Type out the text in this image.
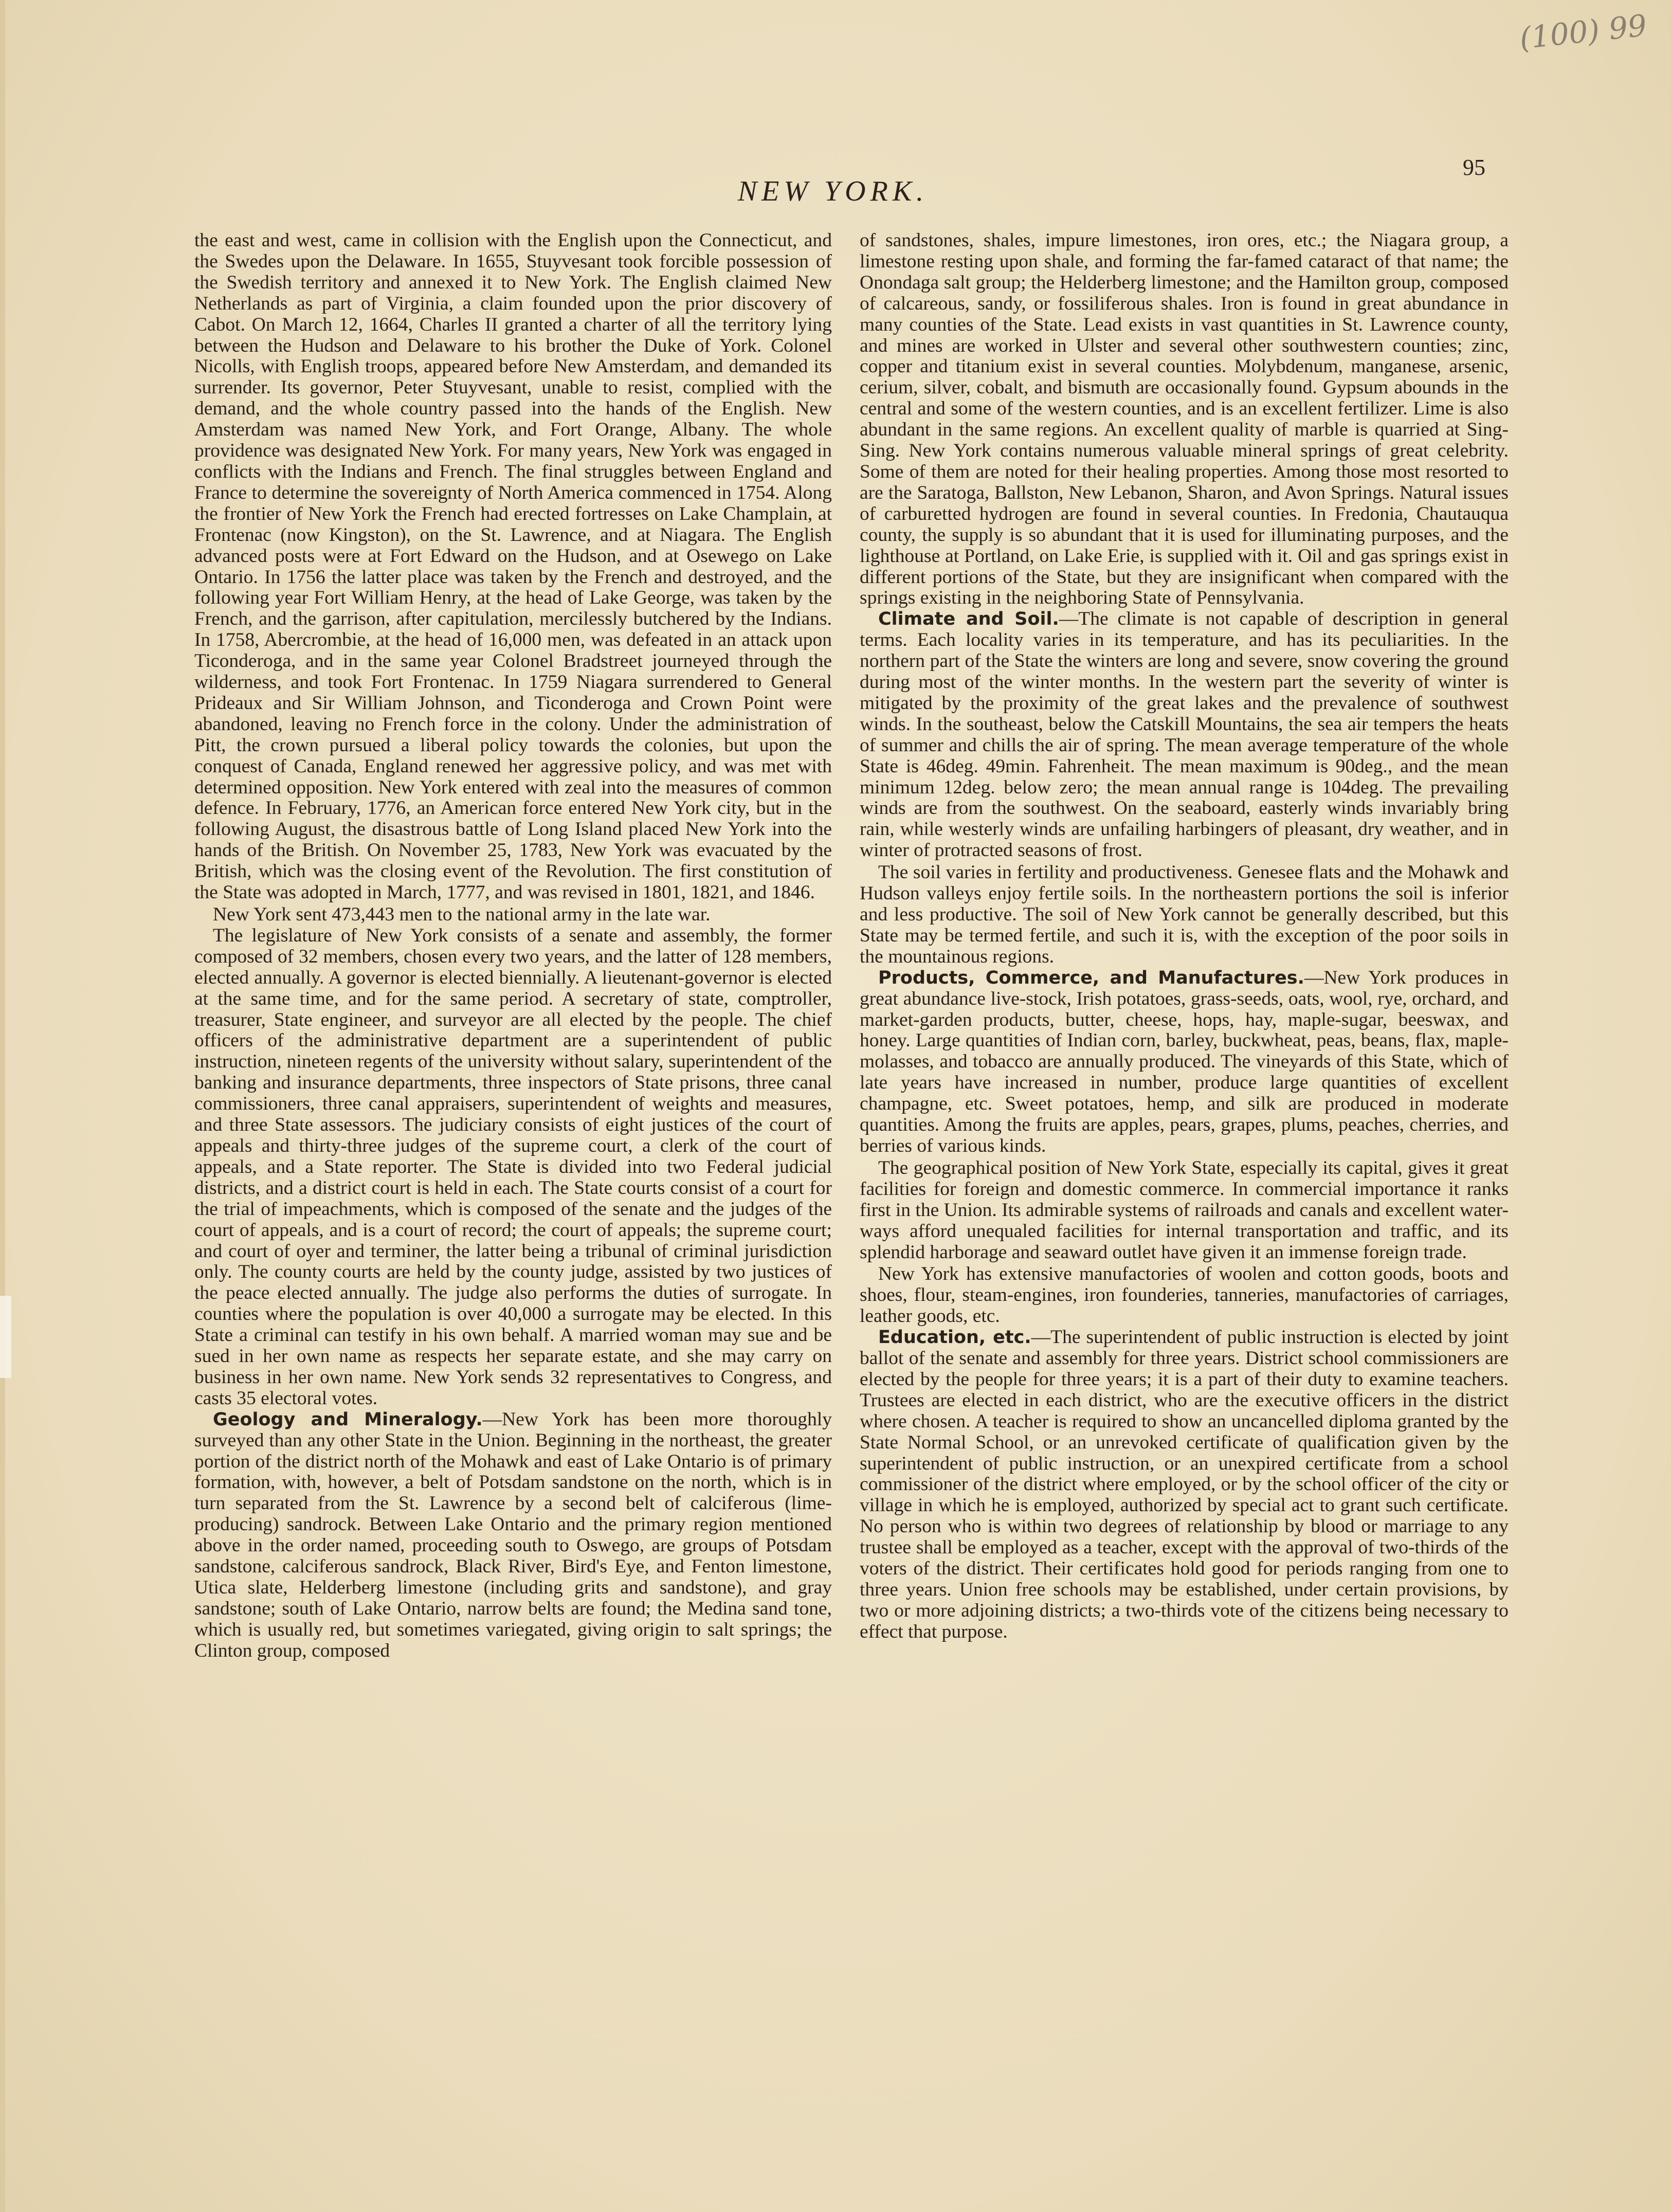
(100) 99
95
NEW YORK.

the east and west, came in collision with the English upon the Connecticut, and the Swedes upon the Delaware. In 1655, Stuyvesant took forcible possession of the Swedish territory and annexed it to New York. The English claimed New Netherlands as part of Virginia, a claim founded upon the prior discovery of Cabot. On March 12, 1664, Charles II granted a charter of all the territory lying between the Hudson and Delaware to his brother the Duke of York. Colonel Nicolls, with English troops, appeared before New Amsterdam, and demanded its surrender. Its governor, Peter Stuyvesant, unable to resist, complied with the demand, and the whole country passed into the hands of the English. New Amsterdam was named New York, and Fort Orange, Albany. The whole providence was designated New York. For many years, New York was engaged in conflicts with the Indians and French. The final struggles between England and France to determine the sovereignty of North America commenced in 1754. Along the frontier of New York the French had erected fortresses on Lake Champlain, at Frontenac (now Kingston), on the St. Lawrence, and at Niagara. The English advanced posts were at Fort Edward on the Hudson, and at Osewego on Lake Ontario. In 1756 the latter place was taken by the French and destroyed, and the following year Fort William Henry, at the head of Lake George, was taken by the French, and the garrison, after capitulation, mercilessly butchered by the Indians. In 1758, Abercrombie, at the head of 16,000 men, was defeated in an attack upon Ticonderoga, and in the same year Colonel Bradstreet journeyed through the wilderness, and took Fort Frontenac. In 1759 Niagara surrendered to General Prideaux and Sir William Johnson, and Ticonderoga and Crown Point were abandoned, leaving no French force in the colony. Under the administration of Pitt, the crown pursued a liberal policy towards the colonies, but upon the conquest of Canada, England renewed her aggressive policy, and was met with determined opposition. New York entered with zeal into the measures of common defence. In February, 1776, an American force entered New York city, but in the following August, the disastrous battle of Long Island placed New York into the hands of the British. On November 25, 1783, New York was evacuated by the British, which was the closing event of the Revolution. The first constitution of the State was adopted in March, 1777, and was revised in 1801, 1821, and 1846.

New York sent 473,443 men to the national army in the late war.

The legislature of New York consists of a senate and assembly, the former composed of 32 members, chosen every two years, and the latter of 128 members, elected annually. A governor is elected biennially. A lieutenant-governor is elected at the same time, and for the same period. A secretary of state, comptroller, treasurer, State engineer, and surveyor are all elected by the people. The chief officers of the administrative department are a superintendent of public instruction, nineteen regents of the university without salary, superintendent of the banking and insurance departments, three inspectors of State prisons, three canal commissioners, three canal appraisers, superintendent of weights and measures, and three State assessors. The judiciary consists of eight justices of the court of appeals and thirty-three judges of the supreme court, a clerk of the court of appeals, and a State reporter. The State is divided into two Federal judicial districts, and a district court is held in each. The State courts consist of a court for the trial of impeachments, which is composed of the senate and the judges of the court of appeals, and is a court of record; the court of appeals; the supreme court; and court of oyer and terminer, the latter being a tribunal of criminal jurisdiction only. The county courts are held by the county judge, assisted by two justices of the peace elected annually. The judge also performs the duties of surrogate. In counties where the population is over 40,000 a surrogate may be elected. In this State a criminal can testify in his own behalf. A married woman may sue and be sued in her own name as respects her separate estate, and she may carry on business in her own name. New York sends 32 representatives to Congress, and casts 35 electoral votes.

Geology and Mineralogy.—New York has been more thoroughly surveyed than any other State in the Union. Beginning in the northeast, the greater portion of the district north of the Mohawk and east of Lake Ontario is of primary formation, with, however, a belt of Potsdam sandstone on the north, which is in turn separated from the St. Lawrence by a second belt of calciferous (lime-producing) sandrock. Between Lake Ontario and the primary region mentioned above in the order named, proceeding south to Oswego, are groups of Potsdam sandstone, calciferous sandrock, Black River, Bird's Eye, and Fenton limestone, Utica slate, Helderberg limestone (including grits and sandstone), and gray sandstone; south of Lake Ontario, narrow belts are found; the Medina sand tone, which is usually red, but sometimes variegated, giving origin to salt springs; the Clinton group, composed

of sandstones, shales, impure limestones, iron ores, etc.; the Niagara group, a limestone resting upon shale, and forming the far-famed cataract of that name; the Onondaga salt group; the Helderberg limestone; and the Hamilton group, composed of calcareous, sandy, or fossiliferous shales. Iron is found in great abundance in many counties of the State. Lead exists in vast quantities in St. Lawrence county, and mines are worked in Ulster and several other southwestern counties; zinc, copper and titanium exist in several counties. Molybdenum, manganese, arsenic, cerium, silver, cobalt, and bismuth are occasionally found. Gypsum abounds in the central and some of the western counties, and is an excellent fertilizer. Lime is also abundant in the same regions. An excellent quality of marble is quarried at Sing-Sing. New York contains numerous valuable mineral springs of great celebrity. Some of them are noted for their healing properties. Among those most resorted to are the Saratoga, Ballston, New Lebanon, Sharon, and Avon Springs. Natural issues of carburetted hydrogen are found in several counties. In Fredonia, Chautauqua county, the supply is so abundant that it is used for illuminating purposes, and the lighthouse at Portland, on Lake Erie, is supplied with it. Oil and gas springs exist in different portions of the State, but they are insignificant when compared with the springs existing in the neighboring State of Pennsylvania.

Climate and Soil.—The climate is not capable of description in general terms. Each locality varies in its temperature, and has its peculiarities. In the northern part of the State the winters are long and severe, snow covering the ground during most of the winter months. In the western part the severity of winter is mitigated by the proximity of the great lakes and the prevalence of southwest winds. In the southeast, below the Catskill Mountains, the sea air tempers the heats of summer and chills the air of spring. The mean average temperature of the whole State is 46deg. 49min. Fahrenheit. The mean maximum is 90deg., and the mean minimum 12deg. below zero; the mean annual range is 104deg. The prevailing winds are from the southwest. On the seaboard, easterly winds invariably bring rain, while westerly winds are unfailing harbingers of pleasant, dry weather, and in winter of protracted seasons of frost.

The soil varies in fertility and productiveness. Genesee flats and the Mohawk and Hudson valleys enjoy fertile soils. In the northeastern portions the soil is inferior and less productive. The soil of New York cannot be generally described, but this State may be termed fertile, and such it is, with the exception of the poor soils in the mountainous regions.

Products, Commerce, and Manufactures.—New York produces in great abundance live-stock, Irish potatoes, grass-seeds, oats, wool, rye, orchard, and market-garden products, butter, cheese, hops, hay, maple-sugar, beeswax, and honey. Large quantities of Indian corn, barley, buckwheat, peas, beans, flax, maple-molasses, and tobacco are annually produced. The vineyards of this State, which of late years have increased in number, produce large quantities of excellent champagne, etc. Sweet potatoes, hemp, and silk are produced in moderate quantities. Among the fruits are apples, pears, grapes, plums, peaches, cherries, and berries of various kinds.

The geographical position of New York State, especially its capital, gives it great facilities for foreign and domestic commerce. In commercial importance it ranks first in the Union. Its admirable systems of railroads and canals and excellent water-ways afford unequaled facilities for internal transportation and traffic, and its splendid harborage and seaward outlet have given it an immense foreign trade.

New York has extensive manufactories of woolen and cotton goods, boots and shoes, flour, steam-engines, iron founderies, tanneries, manufactories of carriages, leather goods, etc.

Education, etc.—The superintendent of public instruction is elected by joint ballot of the senate and assembly for three years. District school commissioners are elected by the people for three years; it is a part of their duty to examine teachers. Trustees are elected in each district, who are the executive officers in the district where chosen. A teacher is required to show an uncancelled diploma granted by the State Normal School, or an unrevoked certificate of qualification given by the superintendent of public instruction, or an unexpired certificate from a school commissioner of the district where employed, or by the school officer of the city or village in which he is employed, authorized by special act to grant such certificate. No person who is within two degrees of relationship by blood or marriage to any trustee shall be employed as a teacher, except with the approval of two-thirds of the voters of the district. Their certificates hold good for periods ranging from one to three years. Union free schools may be established, under certain provisions, by two or more adjoining districts; a two-thirds vote of the citizens being necessary to effect that purpose.
